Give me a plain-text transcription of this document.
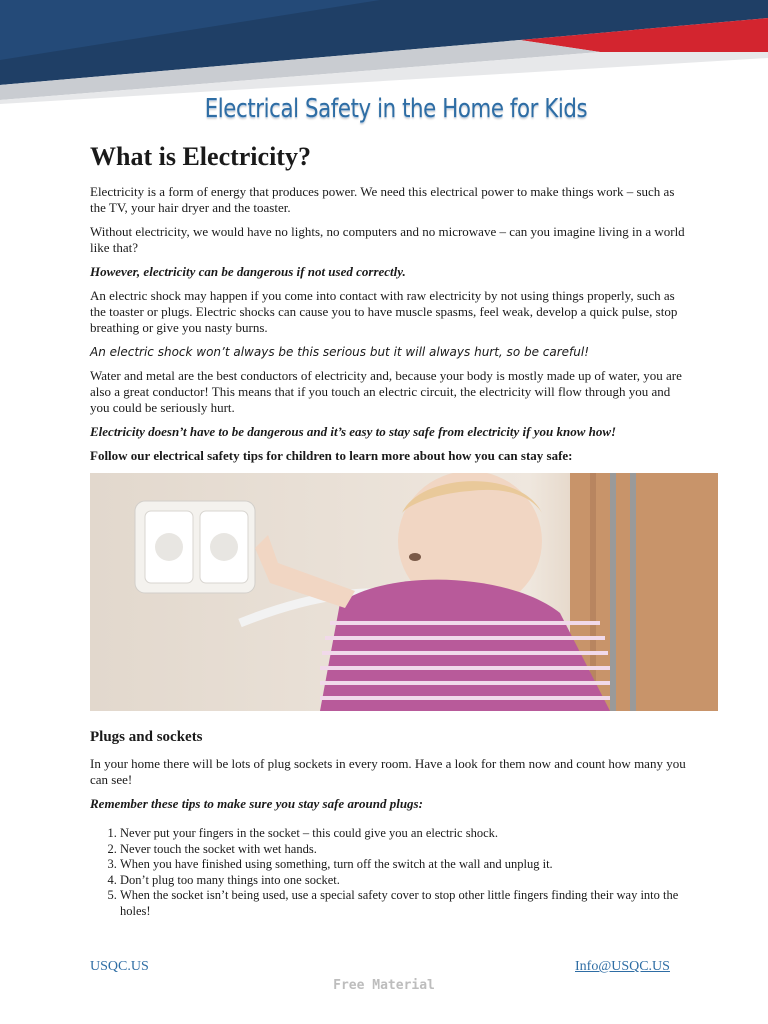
Electrical Safety in the Home for Kids
What is Electricity?

Electricity is a form of energy that produces power. We need this electrical power to make things work – such as the TV, your hair dryer and the toaster.

Without electricity, we would have no lights, no computers and no microwave – can you imagine living in a world like that?

However, electricity can be dangerous if not used correctly.

An electric shock may happen if you come into contact with raw electricity by not using things properly, such as the toaster or plugs. Electric shocks can cause you to have muscle spasms, feel weak, develop a quick pulse, stop breathing or give you nasty burns.

An electric shock won’t always be this serious but it will always hurt, so be careful!

Water and metal are the best conductors of electricity and, because your body is mostly made up of water, you are also a great conductor! This means that if you touch an electric circuit, the electricity will flow through you and you could be seriously hurt.

Electricity doesn’t have to be dangerous and it’s easy to stay safe from electricity if you know how!

Follow our electrical safety tips for children to learn more about how you can stay safe:

Plugs and sockets

In your home there will be lots of plug sockets in every room. Have a look for them now and count how many you can see!

Remember these tips to make sure you stay safe around plugs:

1. Never put your fingers in the socket – this could give you an electric shock.
2. Never touch the socket with wet hands.
3. When you have finished using something, turn off the switch at the wall and unplug it.
4. Don’t plug too many things into one socket.
5. When the socket isn’t being used, use a special safety cover to stop other little fingers finding their way into the holes!
USQC.US	Info@USQC.US
Free Material
